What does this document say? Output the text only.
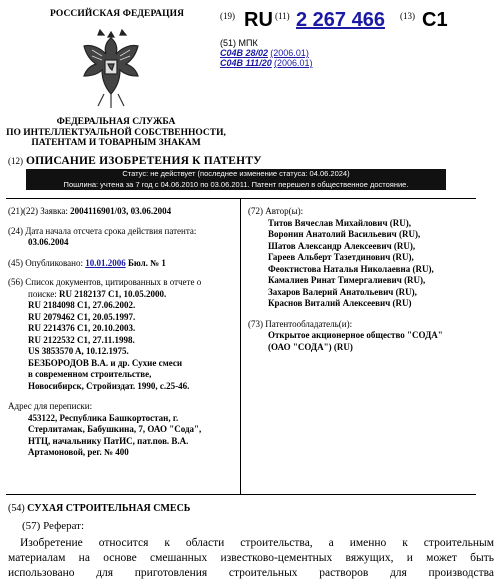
РОССИЙСКАЯ ФЕДЕРАЦИЯ
ФЕДЕРАЛЬНАЯ СЛУЖБА
ПО ИНТЕЛЛЕКТУАЛЬНОЙ СОБСТВЕННОСТИ,
ПАТЕНТАМ И ТОВАРНЫМ ЗНАКАМ
(19) RU (11) 2 267 466 (13) C1
(51) МПК
C04B 28/02 (2006.01)
C04B 111/20 (2006.01)
(12) ОПИСАНИЕ ИЗОБРЕТЕНИЯ К ПАТЕНТУ
Статус: не действует (последнее изменение статуса: 04.06.2024)
Пошлина: учтена за 7 год с 04.06.2010 по 03.06.2011. Патент перешел в общественное достояние.
(21)(22) Заявка: 2004116901/03, 03.06.2004
(24) Дата начала отсчета срока действия патента:
03.06.2004
(45) Опубликовано: 10.01.2006 Бюл. № 1
(56) Список документов, цитированных в отчете о
поиске: RU 2182137 C1, 10.05.2000.
RU 2184098 C1, 27.06.2002.
RU 2079462 C1, 20.05.1997.
RU 2214376 C1, 20.10.2003.
RU 2122532 C1, 27.11.1998.
US 3853570 A, 10.12.1975.
БЕЗБОРОДОВ В.А. и др. Сухие смеси
в современном строительстве,
Новосибирск, Стройиздат. 1990, с.25-46.
Адрес для переписки:
453122, Республика Башкортостан, г.
Стерлитамак, Бабушкина, 7, ОАО "Сода",
НТЦ, начальнику ПатИС, пат.пов. В.А.
Артамоновой, рег. № 400
(72) Автор(ы):
Титов Вячеслав Михайлович (RU),
Воронин Анатолий Васильевич (RU),
Шатов Александр Алексеевич (RU),
Гареев Альберт Тазетдинович (RU),
Феоктистова Наталья Николаевна (RU),
Камалиев Ринат Тимергалиевич (RU),
Захаров Валерий Анатольевич (RU),
Краснов Виталий Алексеевич (RU)
(73) Патентообладатель(и):
Открытое акционерное общество "СОДА"
(ОАО "СОДА") (RU)
(54) СУХАЯ СТРОИТЕЛЬНАЯ СМЕСЬ
(57) Реферат:
Изобретение относится к области строительства, а именно к строительным
материалам на основе смешанных известково-цементных вяжущих, и может быть
использовано для приготовления строительных растворов для производства
